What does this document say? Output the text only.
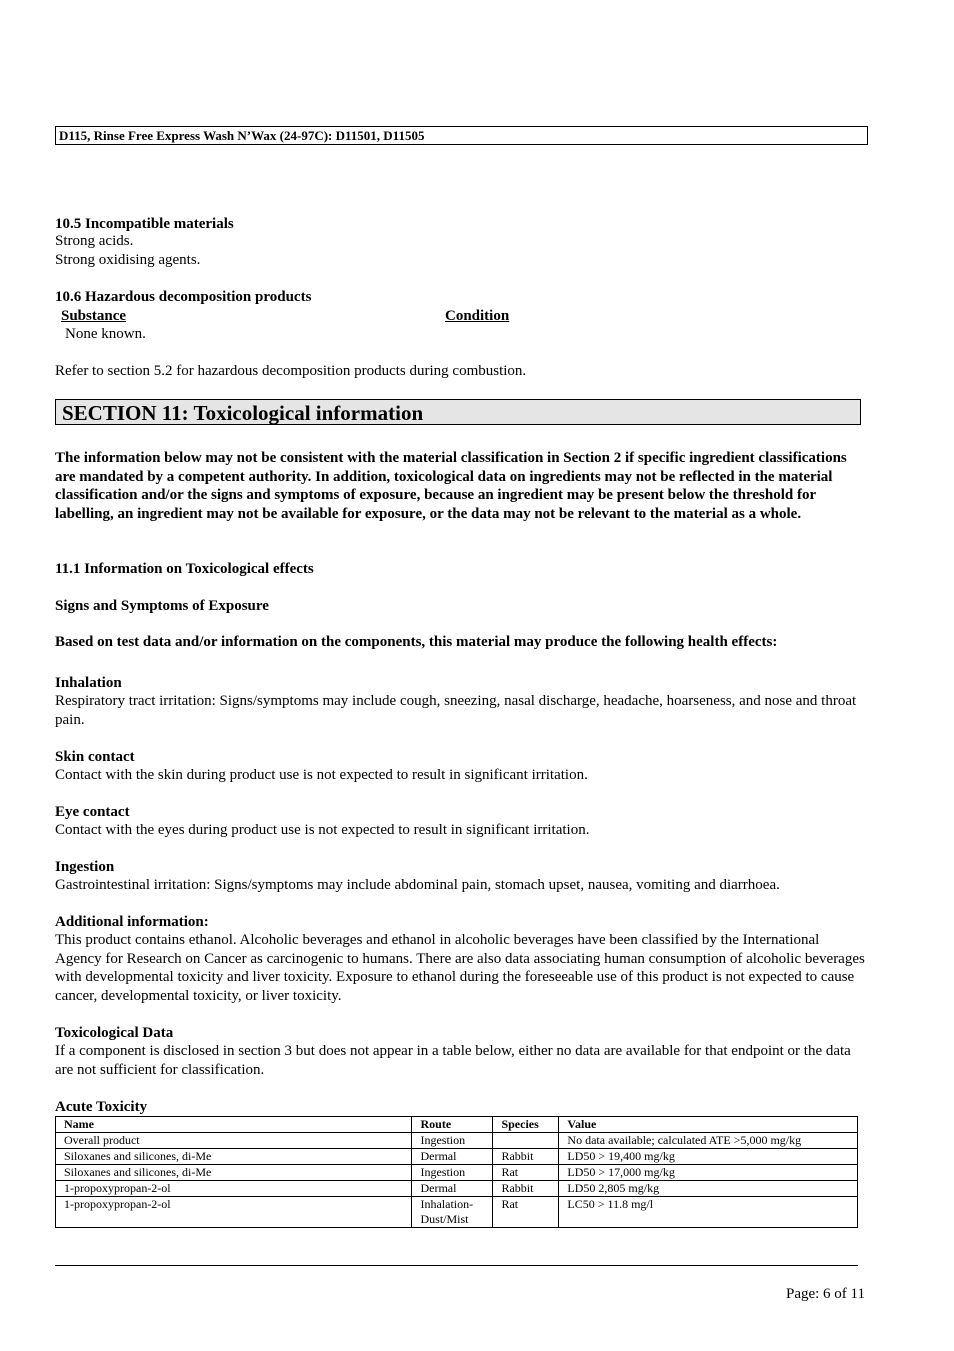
D115, Rinse Free Express Wash N’Wax (24-97C): D11501, D11505
10.5 Incompatible materials
Strong acids.
Strong oxidising agents.
10.6 Hazardous decomposition products
Substance	Condition
None known.
Refer to section 5.2 for hazardous decomposition products during combustion.
SECTION 11: Toxicological information
The information below may not be consistent with the material classification in Section 2 if specific ingredient classifications are mandated by a competent authority. In addition, toxicological data on ingredients may not be reflected in the material classification and/or the signs and symptoms of exposure, because an ingredient may be present below the threshold for labelling, an ingredient may not be available for exposure, or the data may not be relevant to the material as a whole.
11.1 Information on Toxicological effects
Signs and Symptoms of Exposure
Based on test data and/or information on the components, this material may produce the following health effects:
Inhalation
Respiratory tract irritation: Signs/symptoms may include cough, sneezing, nasal discharge, headache, hoarseness, and nose and throat pain.
Skin contact
Contact with the skin during product use is not expected to result in significant irritation.
Eye contact
Contact with the eyes during product use is not expected to result in significant irritation.
Ingestion
Gastrointestinal irritation: Signs/symptoms may include abdominal pain, stomach upset, nausea, vomiting and diarrhoea.
Additional information:
This product contains ethanol. Alcoholic beverages and ethanol in alcoholic beverages have been classified by the International Agency for Research on Cancer as carcinogenic to humans. There are also data associating human consumption of alcoholic beverages with developmental toxicity and liver toxicity. Exposure to ethanol during the foreseeable use of this product is not expected to cause cancer, developmental toxicity, or liver toxicity.
Toxicological Data
If a component is disclosed in section 3 but does not appear in a table below, either no data are available for that endpoint or the data are not sufficient for classification.
Acute Toxicity
Name	Route	Species	Value
Overall product	Ingestion		No data available; calculated ATE >5,000 mg/kg
Siloxanes and silicones, di-Me	Dermal	Rabbit	LD50 > 19,400 mg/kg
Siloxanes and silicones, di-Me	Ingestion	Rat	LD50 > 17,000 mg/kg
1-propoxypropan-2-ol	Dermal	Rabbit	LD50 2,805 mg/kg
1-propoxypropan-2-ol	Inhalation-Dust/Mist	Rat	LC50 > 11.8 mg/l
Page: 6 of 11
